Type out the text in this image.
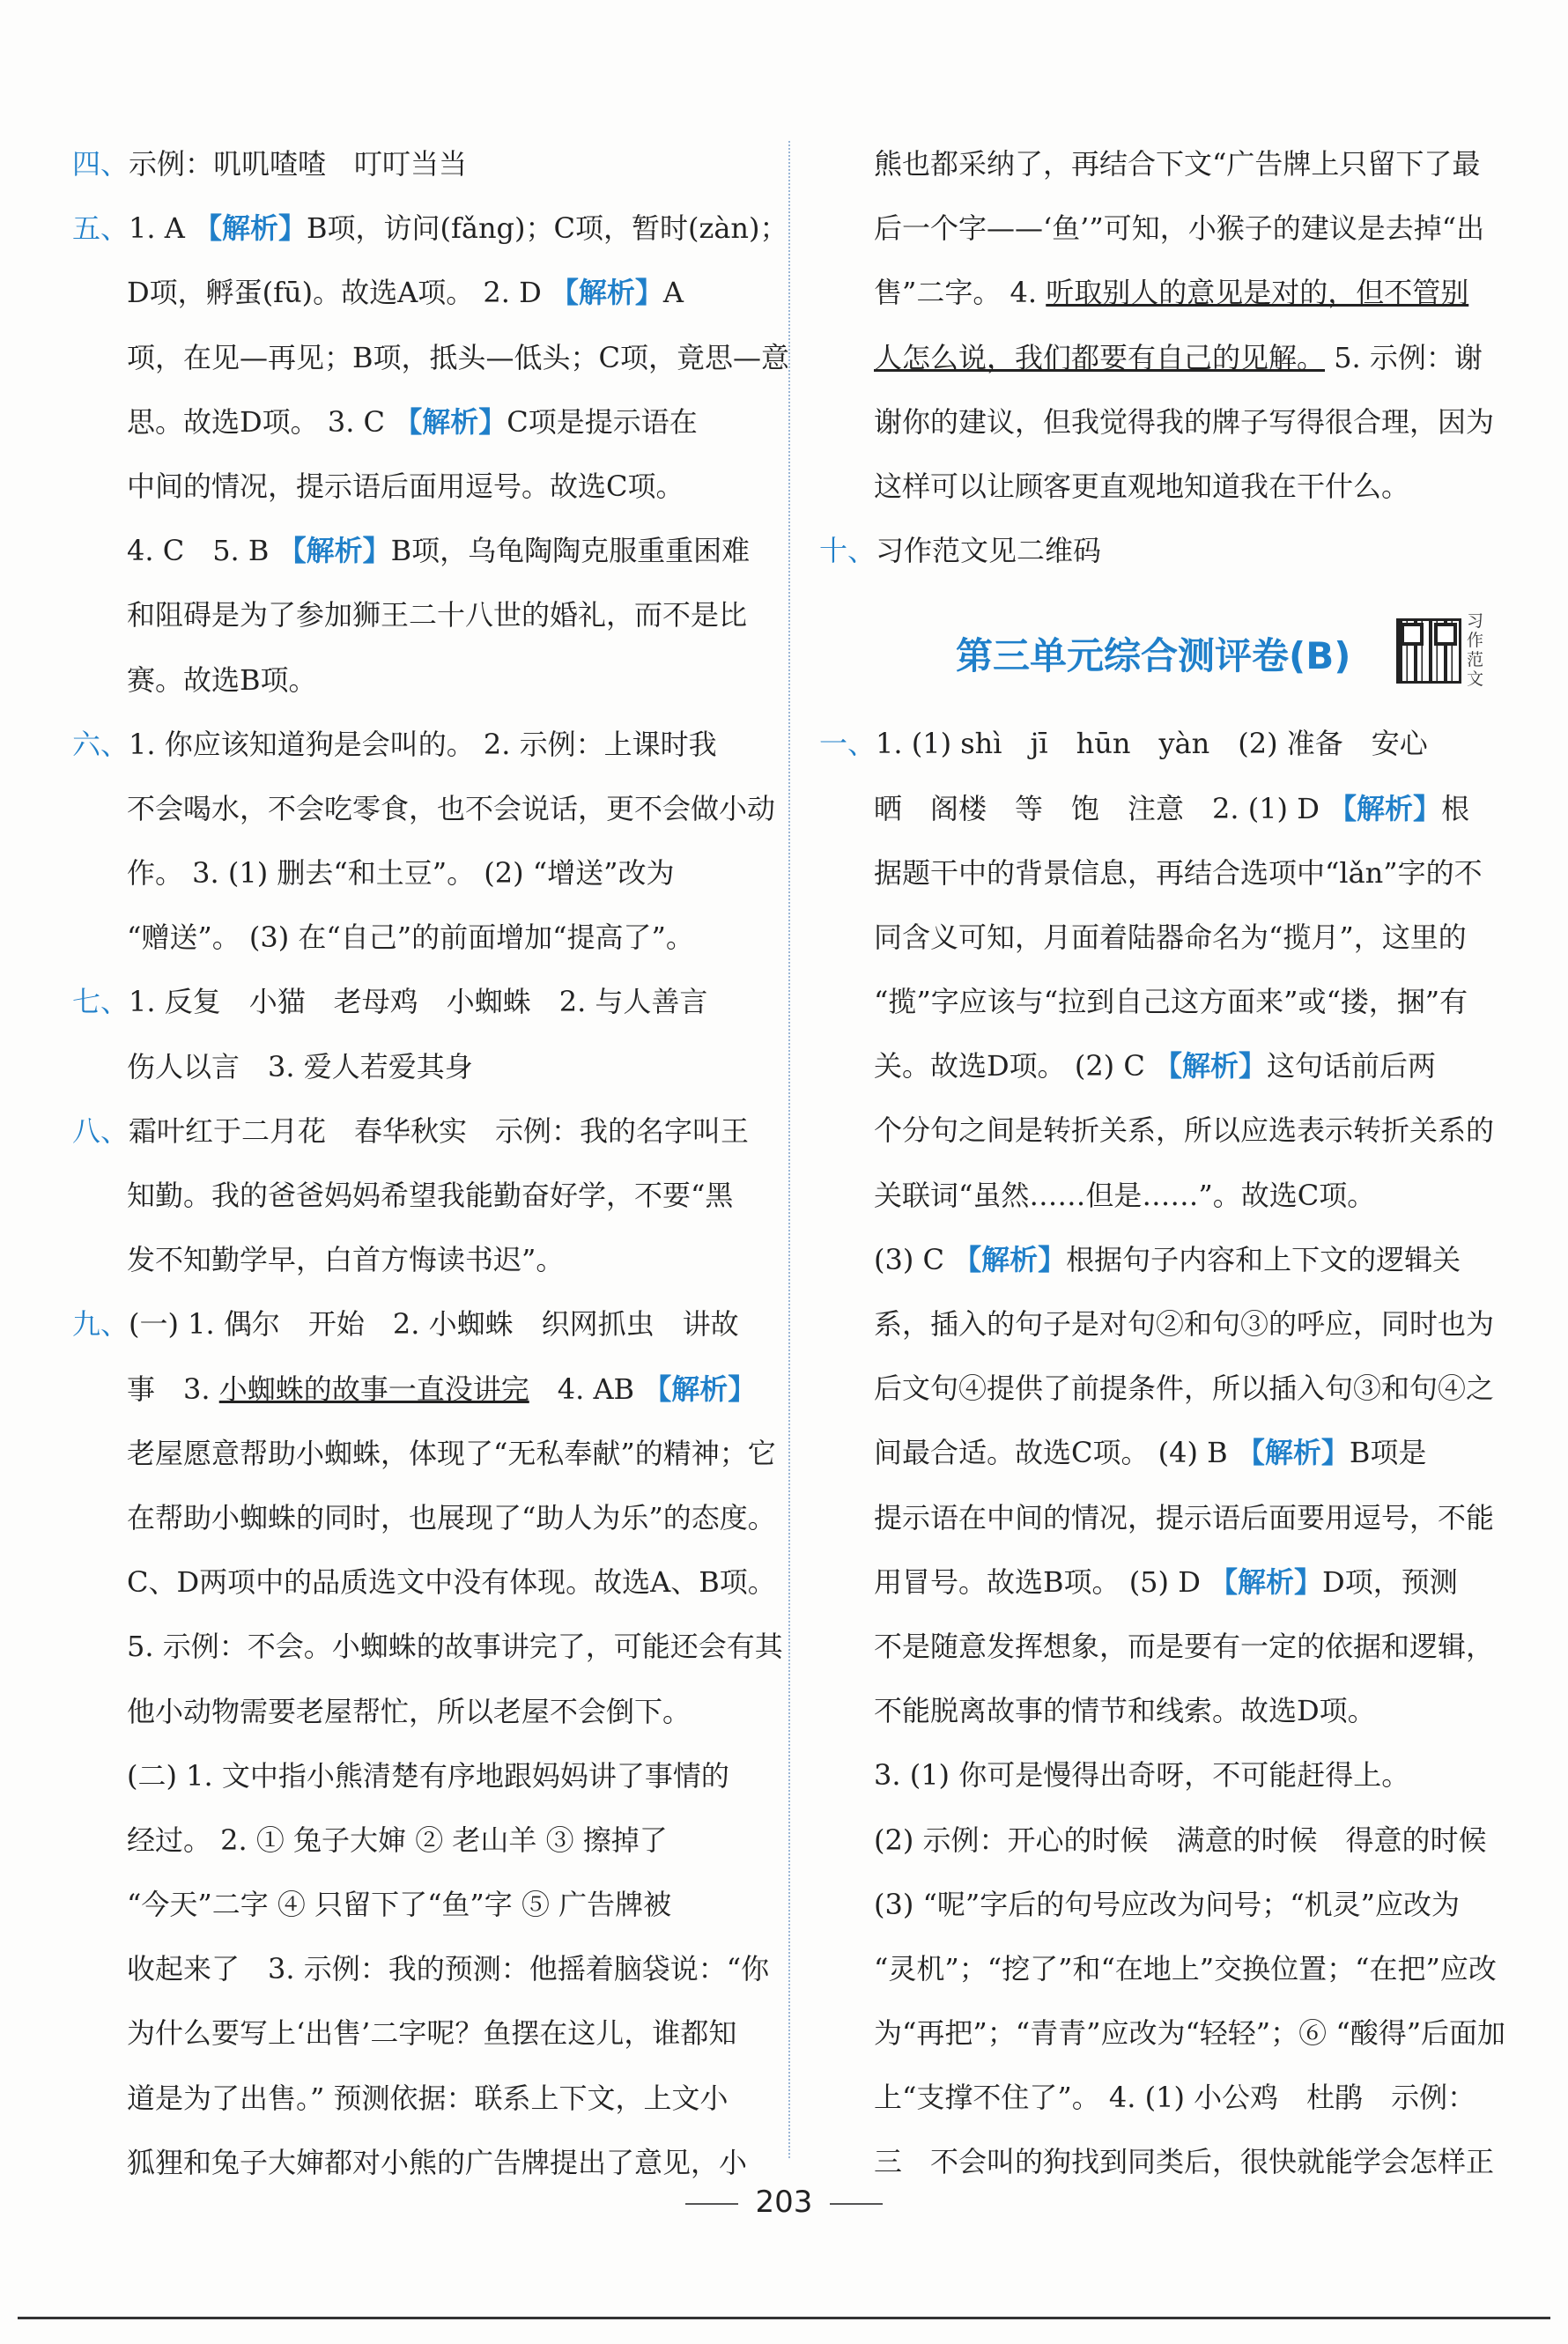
四、示例：叽叽喳喳　叮叮当当
五、1. A 【解析】B项，访问(fǎng)；C项，暂时(zàn)；
D项，孵蛋(fū)。故选A项。 2. D 【解析】A
项，在见—再见；B项，抵头—低头；C项，竟思—意
思。故选D项。 3. C 【解析】C项是提示语在
中间的情况，提示语后面用逗号。故选C项。
4. C　5. B 【解析】B项，乌龟陶陶克服重重困难
和阻碍是为了参加狮王二十八世的婚礼，而不是比
赛。故选B项。
六、1. 你应该知道狗是会叫的。 2. 示例：上课时我
不会喝水，不会吃零食，也不会说话，更不会做小动
作。 3. (1) 删去“和土豆”。 (2) “增送”改为
“赠送”。 (3) 在“自己”的前面增加“提高了”。
七、1. 反复　小猫　老母鸡　小蜘蛛　2. 与人善言
伤人以言　3. 爱人若爱其身
八、霜叶红于二月花　春华秋实　示例：我的名字叫王
知勤。我的爸爸妈妈希望我能勤奋好学，不要“黑
发不知勤学早，白首方悔读书迟”。
九、(一) 1. 偶尔　开始　2. 小蜘蛛　织网抓虫　讲故
事　3. 小蜘蛛的故事一直没讲完　4. AB 【解析】
老屋愿意帮助小蜘蛛，体现了“无私奉献”的精神；它
在帮助小蜘蛛的同时，也展现了“助人为乐”的态度。
C、D两项中的品质选文中没有体现。故选A、B项。
5. 示例：不会。小蜘蛛的故事讲完了，可能还会有其
他小动物需要老屋帮忙，所以老屋不会倒下。
(二) 1. 文中指小熊清楚有序地跟妈妈讲了事情的
经过。 2. ① 兔子大婶 ② 老山羊 ③ 擦掉了
“今天”二字 ④ 只留下了“鱼”字 ⑤ 广告牌被
收起来了　3. 示例：我的预测：他摇着脑袋说：“你
为什么要写上‘出售’二字呢？鱼摆在这儿，谁都知
道是为了出售。” 预测依据：联系上下文，上文小
狐狸和兔子大婶都对小熊的广告牌提出了意见，小
熊也都采纳了，再结合下文“广告牌上只留下了最
后一个字——‘鱼’”可知，小猴子的建议是去掉“出
售”二字。 4. 听取别人的意见是对的，但不管别
人怎么说，我们都要有自己的见解。 5. 示例：谢
谢你的建议，但我觉得我的牌子写得很合理，因为
这样可以让顾客更直观地知道我在干什么。
十、习作范文见二维码
第三单元综合测评卷(B)
习作范文
一、1. (1) shì　jī　hūn　yàn　(2) 准备　安心
晒　阁楼　等　饱　注意　2. (1) D 【解析】根
据题干中的背景信息，再结合选项中“lǎn”字的不
同含义可知，月面着陆器命名为“揽月”，这里的
“揽”字应该与“拉到自己这方面来”或“搂，捆”有
关。故选D项。 (2) C 【解析】这句话前后两
个分句之间是转折关系，所以应选表示转折关系的
关联词“虽然……但是……”。故选C项。
(3) C 【解析】根据句子内容和上下文的逻辑关
系，插入的句子是对句②和句③的呼应，同时也为
后文句④提供了前提条件，所以插入句③和句④之
间最合适。故选C项。 (4) B 【解析】B项是
提示语在中间的情况，提示语后面要用逗号，不能
用冒号。故选B项。 (5) D 【解析】D项，预测
不是随意发挥想象，而是要有一定的依据和逻辑，
不能脱离故事的情节和线索。故选D项。
3. (1) 你可是慢得出奇呀，不可能赶得上。
(2) 示例：开心的时候　满意的时候　得意的时候
(3) “呢”字后的句号应改为问号；“机灵”应改为
“灵机”；“挖了”和“在地上”交换位置；“在把”应改
为“再把”；“青青”应改为“轻轻”；⑥ “酸得”后面加
上“支撑不住了”。 4. (1) 小公鸡　杜鹃　示例：
三　不会叫的狗找到同类后，很快就能学会怎样正
203
